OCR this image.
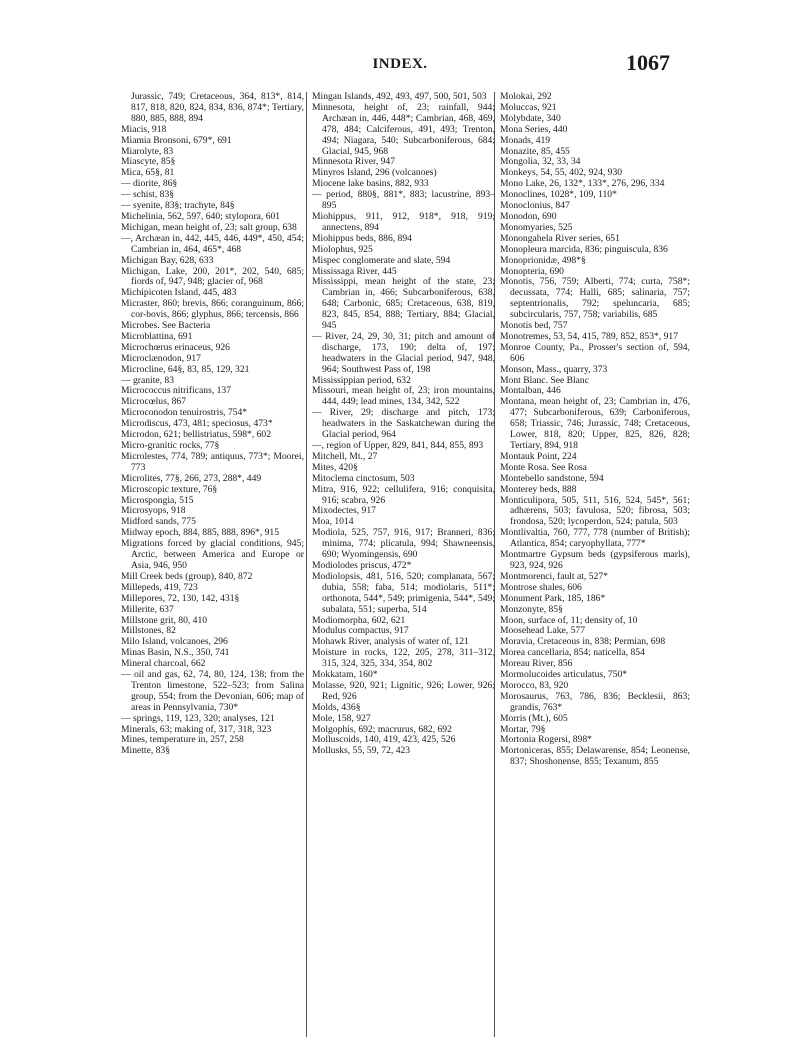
INDEX.	1067

Jurassic, 749; Cretaceous, 364, 813*, 814, 817, 818, 820, 824, 834, 836, 874*; Tertiary, 880, 885, 888, 894

Miacis, 918

Miamia Bronsoni, 679*, 691

Miarolyte, 83

Miascyte, 85§

Mica, 65§, 81

— diorite, 86§

— schist, 83§

— syenite, 83§; trachyte, 84§

Michelinia, 562, 597, 640; stylopora, 601

Michigan, mean height of, 23; salt group, 638

—, Archæan in, 442, 445, 446, 449*, 450, 454; Cambrian in, 464, 465*, 468

Michigan Bay, 628, 633

Michigan, Lake, 200, 201*, 202, 540, 685; fiords of, 947, 948; glacier of, 968

Michipicoten Island, 445, 483

Micraster, 860; brevis, 866; coranguinum, 866; cor-bovis, 866; glyphus, 866; tercensis, 866

Microbes. See Bacteria

Microblattina, 691

Microchœrus erinaceus, 926

Microclænodon, 917

Microcline, 64§, 83, 85, 129, 321

— granite, 83

Micrococcus nitrificans, 137

Microcœlus, 867

Microconodon tenuirostris, 754*

Microdiscus, 473, 481; speciosus, 473*

Microdon, 621; bellistriatus, 598*, 602

Micro-granitic rocks, 77§

Microlestes, 774, 789; antiquus, 773*; Moorei, 773

Microlites, 77§, 266, 273, 288*, 449

Microscopic texture, 76§

Microspongia, 515

Microsyops, 918

Midford sands, 775

Midway epoch, 884, 885, 888, 896*, 915

Migrations forced by glacial conditions, 945; Arctic, between America and Europe or Asia, 946, 950

Mill Creek beds (group), 840, 872

Millepeds, 419, 723

Millepores, 72, 130, 142, 431§

Millerite, 637

Millstone grit, 80, 410

Millstones, 82

Milo Island, volcanoes, 296

Minas Basin, N.S., 350, 741

Mineral charcoal, 662

— oil and gas, 62, 74, 80, 124, 138; from the Trenton limestone, 522–523; from Salina group, 554; from the Devonian, 606; map of areas in Pennsylvania, 730*

— springs, 119, 123, 320; analyses, 121

Minerals, 63; making of, 317, 318, 323

Mines, temperature in, 257, 258

Minette, 83§

Mingan Islands, 492, 493, 497, 500, 501, 503

Minnesota, height of, 23; rainfall, 944; Archæan in, 446, 448*; Cambrian, 468, 469, 478, 484; Calciferous, 491, 493; Trenton, 494; Niagara, 540; Subcarboniferous, 684; Glacial, 945, 968

Minnesota River, 947

Minyros Island, 296 (volcanoes)

Miocene lake basins, 882, 933

— period, 880§, 881*, 883; lacustrine, 893–895

Miohippus, 911, 912, 918*, 918, 919; annectens, 894

Miohippus beds, 886, 894

Miolophus, 925

Mispec conglomerate and slate, 594

Mississaga River, 445

Mississippi, mean height of the state, 23; Cambrian in, 466; Subcarboniferous, 638, 648; Carbonic, 685; Cretaceous, 638, 819, 823, 845, 854, 888; Tertiary, 884; Glacial, 945

— River, 24, 29, 30, 31; pitch and amount of discharge, 173, 190; delta of, 197; headwaters in the Glacial period, 947, 948, 964; Southwest Pass of, 198

Mississippian period, 632

Missouri, mean height of, 23; iron mountains, 444, 449; lead mines, 134, 342, 522

— River, 29; discharge and pitch, 173; headwaters in the Saskatchewan during the Glacial period, 964

—, region of Upper, 829, 841, 844, 855, 893

Mitchell, Mt., 27

Mites, 420§

Mitoclema cinctosum, 503

Mitra, 916, 922; cellulifera, 916; conquisita, 916; scabra, 926

Mixodectes, 917

Moa, 1014

Modiola, 525, 757, 916, 917; Branneri, 836; minima, 774; plicatula, 994; Shawneensis, 690; Wyomingensis, 690

Modiolodes priscus, 472*

Modiolopsis, 481, 516, 520; complanata, 567; dubia, 558; faba, 514; modiolaris, 511*; orthonota, 544*, 549; primigenia, 544*, 549; subalata, 551; superba, 514

Modiomorpha, 602, 621

Modulus compactus, 917

Mohawk River, analysis of water of, 121

Moisture in rocks, 122, 205, 278, 311–312, 315, 324, 325, 334, 354, 802

Mokkatam, 160*

Molasse, 920, 921; Lignitic, 926; Lower, 926; Red, 926

Molds, 436§

Mole, 158, 927

Molgophis, 692; macrurus, 682, 692

Molluscoids, 140, 419, 423, 425, 526

Mollusks, 55, 59, 72, 423

Molokai, 292

Moluccas, 921

Molybdate, 340

Mona Series, 440

Monads, 419

Monazite, 85, 455

Mongolia, 32, 33, 34

Monkeys, 54, 55, 402, 924, 930

Mono Lake, 26, 132*, 133*, 276, 296, 334

Monoclines, 1028*, 109, 110*

Monoclonius, 847

Monodon, 690

Monomyaries, 525

Monongahela River series, 651

Monopleura marcida, 836; pinguiscula, 836

Monoprionidæ, 498*§

Monopteria, 690

Monotis, 756, 759; Alberti, 774; curta, 758*; decussata, 774; Halli, 685; salinaria, 757; septentrionalis, 792; speluncaria, 685; subcircularis, 757, 758; variabilis, 685

Monotis bed, 757

Monotremes, 53, 54, 415, 789, 852, 853*, 917

Monroe County, Pa., Prosser's section of, 594, 606

Monson, Mass., quarry, 373

Mont Blanc. See Blanc

Montalban, 446

Montana, mean height of, 23; Cambrian in, 476, 477; Subcarboniferous, 639; Carboniferous, 658; Triassic, 746; Jurassic, 748; Cretaceous, Lower, 818, 820; Upper, 825, 826, 828; Tertiary, 894, 918

Montauk Point, 224

Monte Rosa. See Rosa

Montebello sandstone, 594

Monterey beds, 888

Monticulipora, 505, 511, 516, 524, 545*, 561; adhærens, 503; favulosa, 520; fibrosa, 503; frondosa, 520; lycoperdon, 524; patula, 503

Montlivaltia, 760, 777, 778 (number of British); Atlantica, 854; caryophyllata, 777*

Montmartre Gypsum beds (gypsiferous marls), 923, 924, 926

Montmorenci, fault at, 527*

Montrose shales, 606

Monument Park, 185, 186*

Monzonyte, 85§

Moon, surface of, 11; density of, 10

Moosehead Lake, 577

Moravia, Cretaceous in, 838; Permian, 698

Morea cancellaria, 854; naticella, 854

Moreau River, 856

Mormolucoides articulatus, 750*

Morocco, 83, 920

Morosaurus, 763, 786, 836; Becklesii, 863; grandis, 763*

Morris (Mt.), 605

Mortar, 79§

Mortonia Rogersi, 898*

Mortoniceras, 855; Delawarense, 854; Leonense, 837; Shoshonense, 855; Texanum, 855
